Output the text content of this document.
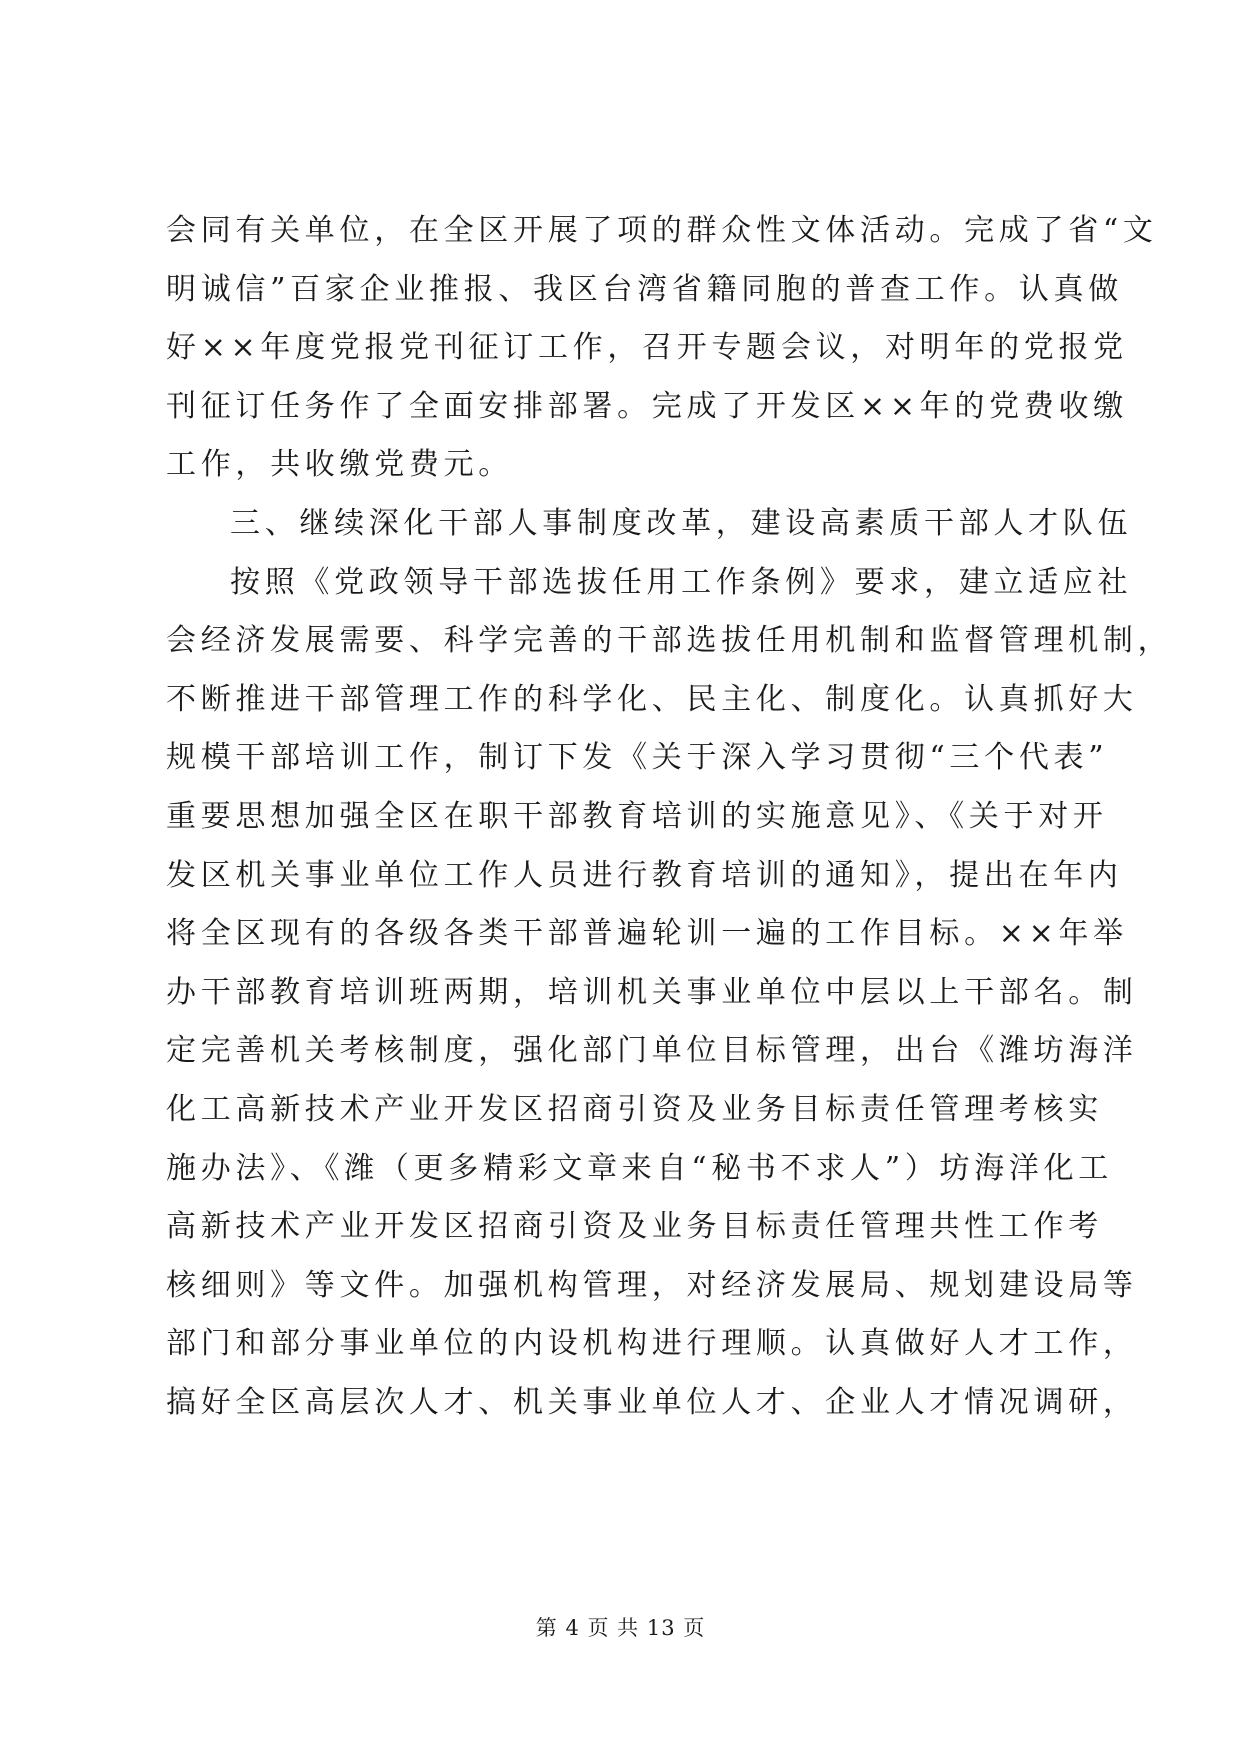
会同有关单位，在全区开展了项的群众性文体活动。完成了省“文
明诚信”百家企业推报、我区台湾省籍同胞的普查工作。认真做
好××年度党报党刊征订工作，召开专题会议，对明年的党报党
刊征订任务作了全面安排部署。完成了开发区××年的党费收缴
工作，共收缴党费元。
三、继续深化干部人事制度改革，建设高素质干部人才队伍
按照《党政领导干部选拔任用工作条例》要求，建立适应社
会经济发展需要、科学完善的干部选拔任用机制和监督管理机制，
不断推进干部管理工作的科学化、民主化、制度化。认真抓好大
规模干部培训工作，制订下发《关于深入学习贯彻“三个代表”
重要思想加强全区在职干部教育培训的实施意见》、《关于对开
发区机关事业单位工作人员进行教育培训的通知》，提出在年内
将全区现有的各级各类干部普遍轮训一遍的工作目标。××年举
办干部教育培训班两期，培训机关事业单位中层以上干部名。制
定完善机关考核制度，强化部门单位目标管理，出台《潍坊海洋
化工高新技术产业开发区招商引资及业务目标责任管理考核实
施办法》、《潍（更多精彩文章来自“秘书不求人”）坊海洋化工
高新技术产业开发区招商引资及业务目标责任管理共性工作考
核细则》等文件。加强机构管理，对经济发展局、规划建设局等
部门和部分事业单位的内设机构进行理顺。认真做好人才工作，
搞好全区高层次人才、机关事业单位人才、企业人才情况调研，
第 4 页 共 13 页
